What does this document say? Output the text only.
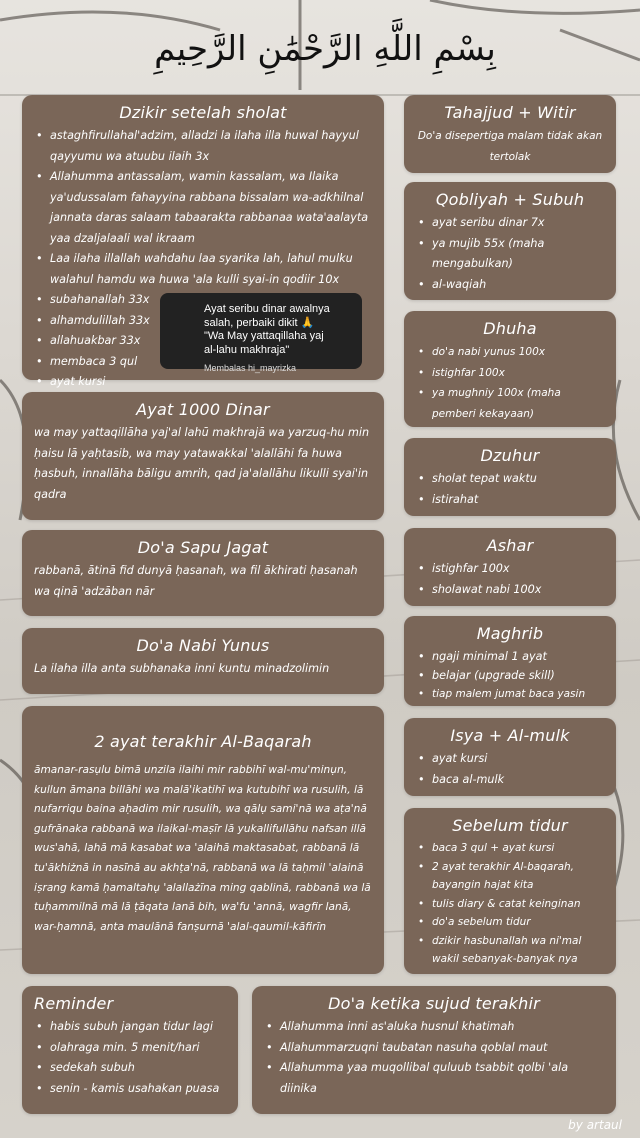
بِسْمِ اللَّهِ الرَّحْمَٰنِ الرَّحِيمِ
Dzikir setelah sholat
• astaghfirullahal'adzim, alladzi la ilaha illa huwal hayyul qayyumu wa atuubu ilaih 3x
• Allahumma antassalam, wamin kassalam, wa Ilaika ya'udussalam fahayyina rabbana bissalam wa-adkhilnal jannata daras salaam tabaarakta rabbanaa wata'aalayta yaa dzaljalaali wal ikraam
• Laa ilaha illallah wahdahu laa syarika lah, lahul mulku walahul hamdu wa huwa 'ala kulli syai-in qodiir 10x
• subahanallah 33x
• alhamdulillah 33x
• allahuakbar 33x
• membaca 3 qul
• ayat kursi
Ayat seribu dinar awalnya
salah, perbaiki dikit 🙏
"Wa May yattaqillaha yaj
al-lahu makhraja"
Membalas hi_mayrizka
Ayat 1000 Dinar

wa may yattaqillāha yaj'al lahū makhrajā wa yarzuq-hu min ḥaisu lā yaḥtasib, wa may yatawakkal 'alallāhi fa huwa ḥasbuh, innallāha bāligu amrih, qad ja'alallāhu likulli syai'in qadra

Do'a Sapu Jagat

rabbanā, ātinā fid dunyā ḥasanah, wa fil ākhirati ḥasanah wa qinā 'adzāban nār

Do'a Nabi Yunus

La ilaha illa anta subhanaka inni kuntu minadzolimin

2 ayat terakhir Al-Baqarah

āmanar-rasụlu bimā unzila ilaihi mir rabbihī wal-mu'minụn, kullun āmana billāhi wa malā'ikatihī wa kutubihī wa rusulih, lā nufarriqu baina aḥadim mir rusulih, wa qālụ sami'nā wa aṭa'nā gufrānaka rabbanā wa ilaikal-maṣīr lā yukallifullāhu nafsan illā wus'ahā, lahā mā kasabat wa 'alaihā maktasabat, rabbanā lā tu'ākhiżnā in nasīnā au akhṭa'nā, rabbanā wa lā taḥmil 'alainā iṣrang kamā ḥamaltahụ 'alallażīna ming qablinā, rabbanā wa lā tuḥammilnā mā lā ṭāqata lanā bih, wa'fu 'annā, wagfir lanā, war-ḥamnā, anta maulānā fanṣurnā 'alal-qaumil-kāfirīn

Reminder
• habis subuh jangan tidur lagi
• olahraga min. 5 menit/hari
• sedekah subuh
• senin - kamis usahakan puasa
Do'a ketika sujud terakhir
• Allahumma inni as'aluka husnul khatimah
• Allahummarzuqni taubatan nasuha qoblal maut
• Allahumma yaa muqollibal quluub tsabbit qolbi 'ala diinika
Tahajjud + Witir

Do'a disepertiga malam tidak akan tertolak

Qobliyah + Subuh
• ayat seribu dinar 7x
• ya mujib 55x (maha mengabulkan)
• al-waqiah
Dhuha
• do'a nabi yunus 100x
• istighfar 100x
• ya mughniy 100x (maha pemberi kekayaan)
Dzuhur
• sholat tepat waktu
• istirahat
Ashar
• istighfar 100x
• sholawat nabi 100x
Maghrib
• ngaji minimal 1 ayat
• belajar (upgrade skill)
• tiap malem jumat baca yasin
Isya + Al-mulk
• ayat kursi
• baca al-mulk
Sebelum tidur
• baca 3 qul + ayat kursi
• 2 ayat terakhir Al-baqarah, bayangin hajat kita
• tulis diary & catat keinginan
• do'a sebelum tidur
• dzikir hasbunallah wa ni'mal wakil sebanyak-banyak nya
by artaul
